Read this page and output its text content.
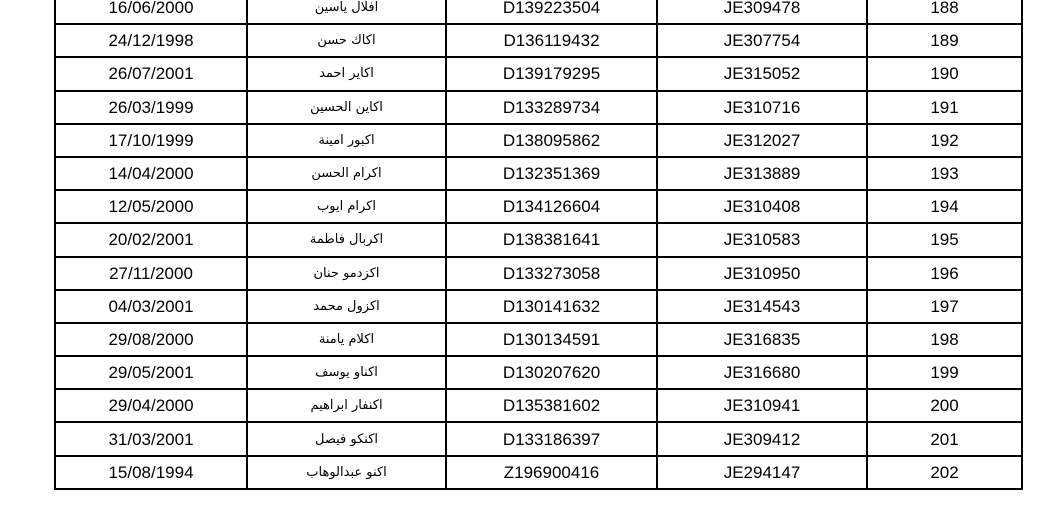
16/06/2000	افلال ياسين	D139223504	JE309478	188
24/12/1998	اكاك حسن	D136119432	JE307754	189
26/07/2001	اكاير احمد	D139179295	JE315052	190
26/03/1999	اكاين الحسين	D133289734	JE310716	191
17/10/1999	اكبور امينة	D138095862	JE312027	192
14/04/2000	اكرام الحسن	D132351369	JE313889	193
12/05/2000	اكرام ايوب	D134126604	JE310408	194
20/02/2001	اكربال فاطمة	D138381641	JE310583	195
27/11/2000	اكزدمو حنان	D133273058	JE310950	196
04/03/2001	اكزول محمد	D130141632	JE314543	197
29/08/2000	اكلام يامنة	D130134591	JE316835	198
29/05/2001	اكناو يوسف	D130207620	JE316680	199
29/04/2000	اكنفار ابراهيم	D135381602	JE310941	200
31/03/2001	اكنكو فيصل	D133186397	JE309412	201
15/08/1994	اكنو عبدالوهاب	Z196900416	JE294147	202
